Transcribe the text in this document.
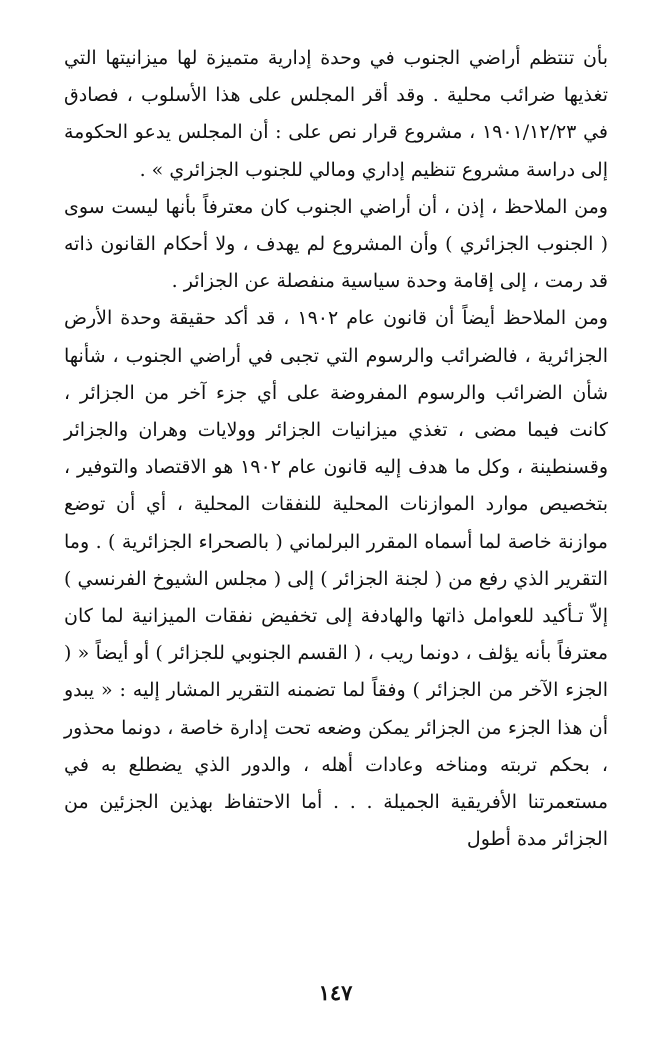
بأن تنتظم أراضي الجنوب في وحدة إدارية متميزة لها ميزانيتها التي تغذيها ضرائب محلية . وقد أقر المجلس على هذا الأسلوب ، فصادق في ١٩٠١/١٢/٢٣ ، مشروع قرار نص على : أن المجلس يدعو الحكومة إلى دراسة مشروع تنظيم إداري ومالي للجنوب الجزائري » .

ومن الملاحظ ، إذن ، أن أراضي الجنوب كان معترفاً بأنها ليست سوى ( الجنوب الجزائري ) وأن المشروع لم يهدف ، ولا أحكام القانون ذاته قد رمت ، إلى إقامة وحدة سياسية منفصلة عن الجزائر .

ومن الملاحظ أيضاً أن قانون عام ١٩٠٢ ، قد أكد حقيقة وحدة الأرض الجزائرية ، فالضرائب والرسوم التي تجبى في أراضي الجنوب ، شأنها شأن الضرائب والرسوم المفروضة على أي جزء آخر من الجزائر ، كانت فيما مضى ، تغذي ميزانيات الجزائر وولايات وهران والجزائر وقسنطينة ، وكل ما هدف إليه قانون عام ١٩٠٢ هو الاقتصاد والتوفير ، بتخصيص موارد الموازنات المحلية للنفقات المحلية ، أي أن توضع موازنة خاصة لما أسماه المقرر البرلماني ( بالصحراء الجزائرية ) . وما التقرير الذي رفع من ( لجنة الجزائر ) إلى ( مجلس الشيوخ الفرنسي ) إلاّ تـأكيد للعوامل ذاتها والهادفة إلى تخفيض نفقات الميزانية لما كان معترفاً بأنه يؤلف ، دونما ريب ، ( القسم الجنوبي للجزائر ) أو أيضاً « ( الجزء الآخر من الجزائر ) وفقاً لما تضمنه التقرير المشار إليه : « يبدو أن هذا الجزء من الجزائر يمكن وضعه تحت إدارة خاصة ، دونما محذور ، بحكم تربته ومناخه وعادات أهله ، والدور الذي يضطلع به في مستعمرتنا الأفريقية الجميلة . . . أما الاحتفاظ بهذين الجزئين من الجزائر مدة أطول

١٤٧
